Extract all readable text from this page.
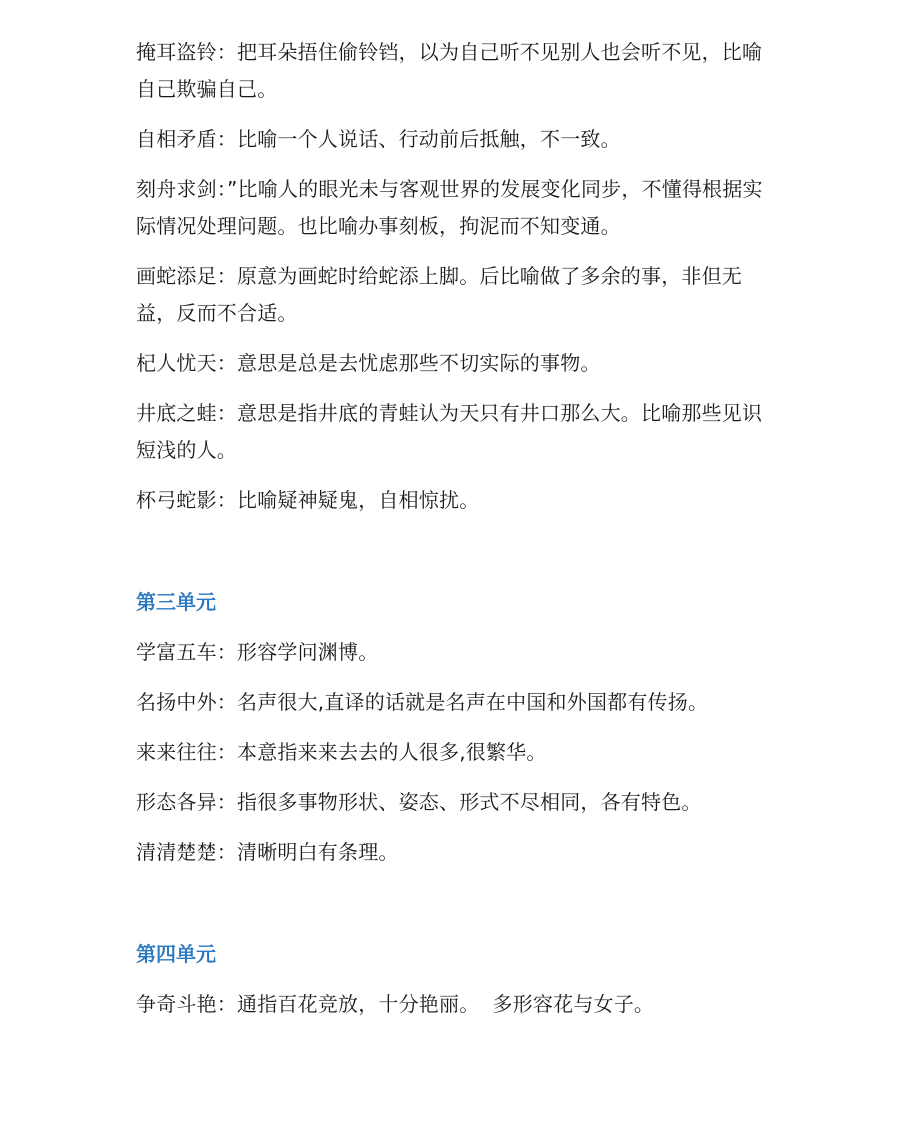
掩耳盗铃：把耳朵捂住偷铃铛，以为自己听不见别人也会听不见，比喻自己欺骗自己。

自相矛盾：比喻一个人说话、行动前后抵触，不一致。

刻舟求剑：”比喻人的眼光未与客观世界的发展变化同步，不懂得根据实际情况处理问题。也比喻办事刻板，拘泥而不知变通。

画蛇添足：原意为画蛇时给蛇添上脚。后比喻做了多余的事，非但无益，反而不合适。

杞人忧天：意思是总是去忧虑那些不切实际的事物。

井底之蛙：意思是指井底的青蛙认为天只有井口那么大。比喻那些见识短浅的人。

杯弓蛇影：比喻疑神疑鬼，自相惊扰。

第三单元

学富五车：形容学问渊博。

名扬中外：名声很大,直译的话就是名声在中国和外国都有传扬。

来来往往：本意指来来去去的人很多,很繁华。

形态各异：指很多事物形状、姿态、形式不尽相同，各有特色。

清清楚楚：清晰明白有条理。

第四单元

争奇斗艳：通指百花竞放，十分艳丽。  多形容花与女子。
